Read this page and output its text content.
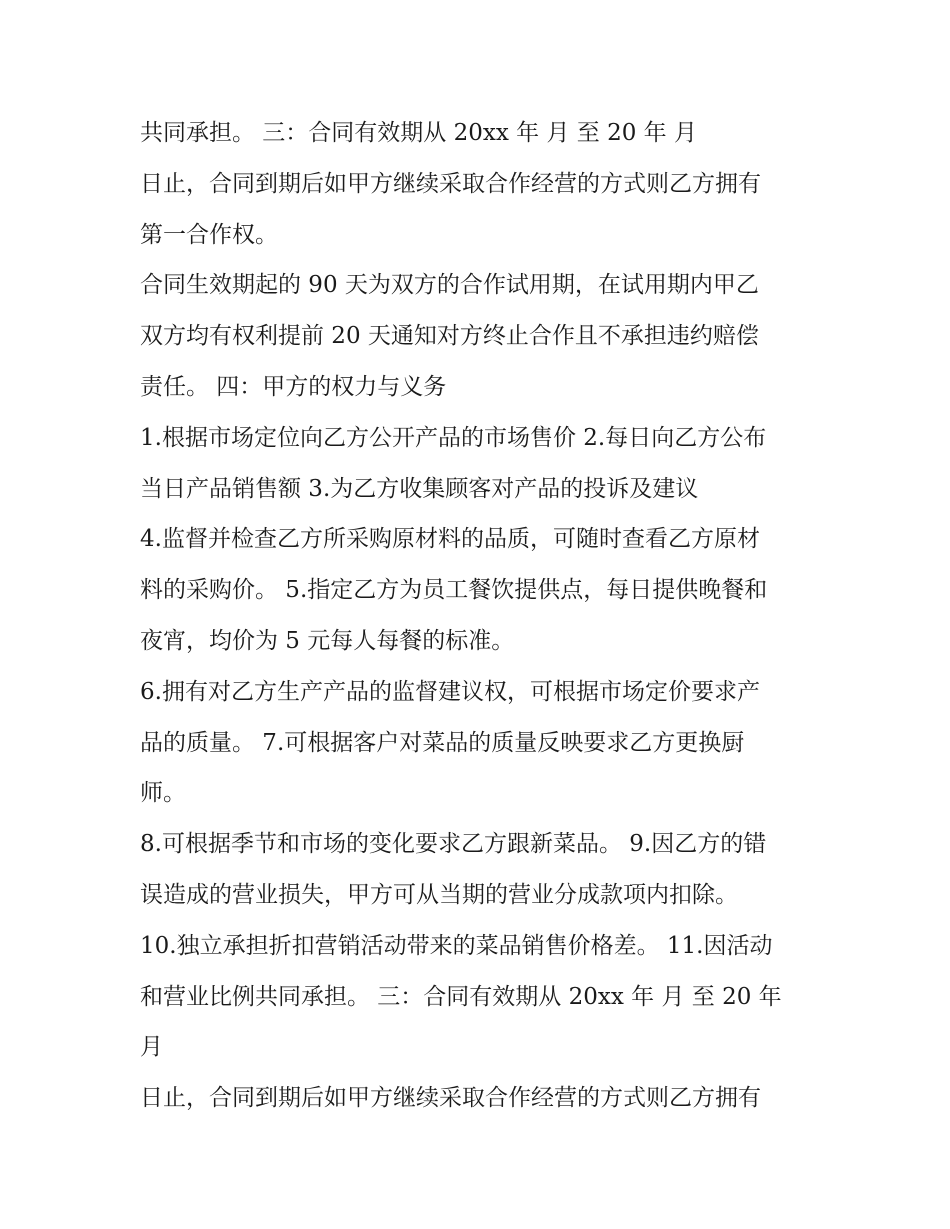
共同承担。 三：合同有效期从 20xx 年 月 至 20 年 月
日止，合同到期后如甲方继续采取合作经营的方式则乙方拥有
第一合作权。
合同生效期起的 90 天为双方的合作试用期，在试用期内甲乙
双方均有权利提前 20 天通知对方终止合作且不承担违约赔偿
责任。 四：甲方的权力与义务
1.根据市场定位向乙方公开产品的市场售价 2.每日向乙方公布
当日产品销售额 3.为乙方收集顾客对产品的投诉及建议
4.监督并检查乙方所采购原材料的品质，可随时查看乙方原材
料的采购价。 5.指定乙方为员工餐饮提供点，每日提供晚餐和
夜宵，均价为 5 元每人每餐的标准。
6.拥有对乙方生产产品的监督建议权，可根据市场定价要求产
品的质量。 7.可根据客户对菜品的质量反映要求乙方更换厨
师。
8.可根据季节和市场的变化要求乙方跟新菜品。 9.因乙方的错
误造成的营业损失，甲方可从当期的营业分成款项内扣除。
10.独立承担折扣营销活动带来的菜品销售价格差。 11.因活动
和营业比例共同承担。 三：合同有效期从 20xx 年 月 至 20 年
月
日止，合同到期后如甲方继续采取合作经营的方式则乙方拥有
